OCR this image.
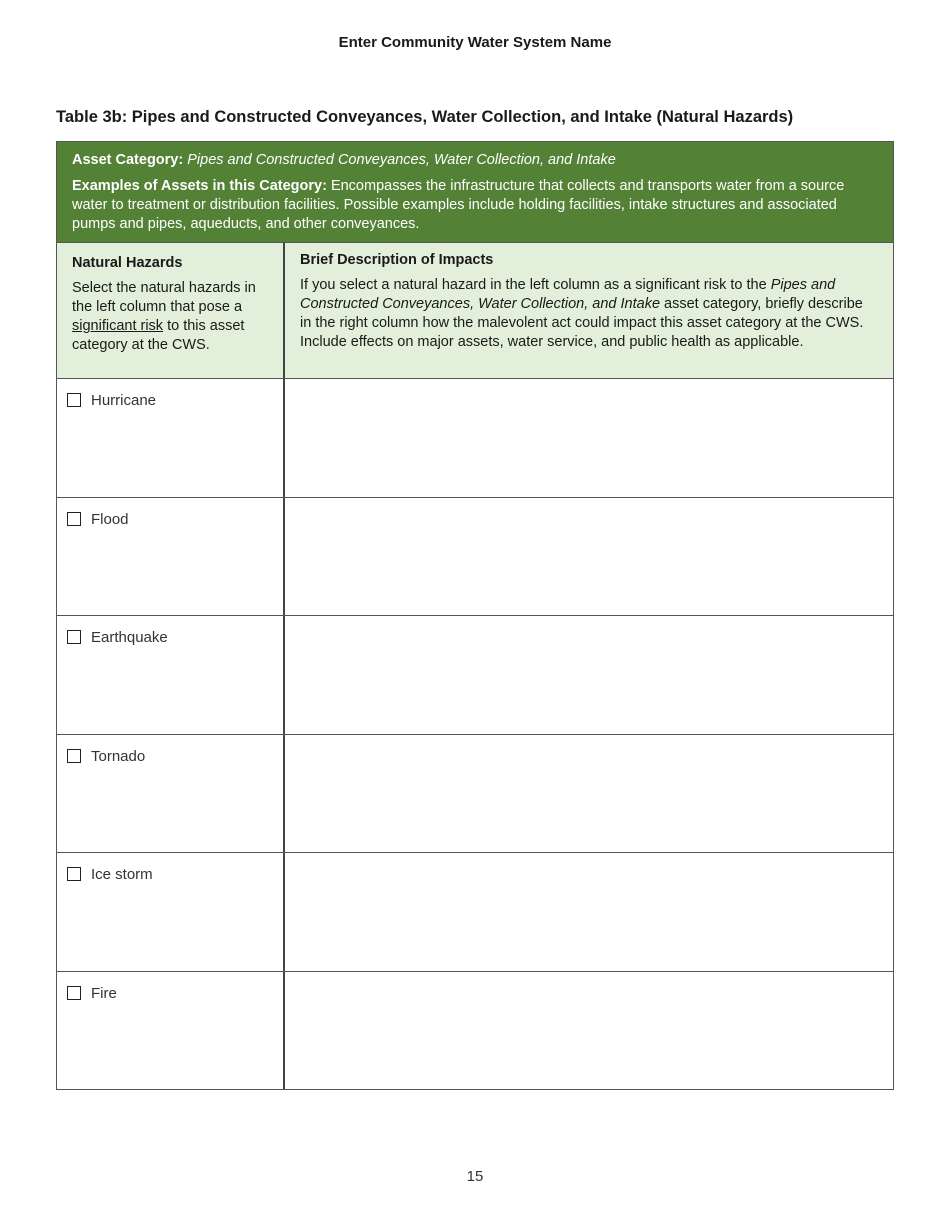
Enter Community Water System Name
Table 3b: Pipes and Constructed Conveyances, Water Collection, and Intake (Natural Hazards)

Asset Category: Pipes and Constructed Conveyances, Water Collection, and Intake

Examples of Assets in this Category: Encompasses the infrastructure that collects and transports water from a source water to treatment or distribution facilities. Possible examples include holding facilities, intake structures and associated pumps and pipes, aqueducts, and other conveyances.

Natural Hazards
Select the natural hazards in the left column that pose a significant risk to this asset category at the CWS.
Brief Description of Impacts
If you select a natural hazard in the left column as a significant risk to the Pipes and Constructed Conveyances, Water Collection, and Intake asset category, briefly describe in the right column how the malevolent act could impact this asset category at the CWS. Include effects on major assets, water service, and public health as applicable.
Hurricane
Flood
Earthquake
Tornado
Ice storm
Fire
15
